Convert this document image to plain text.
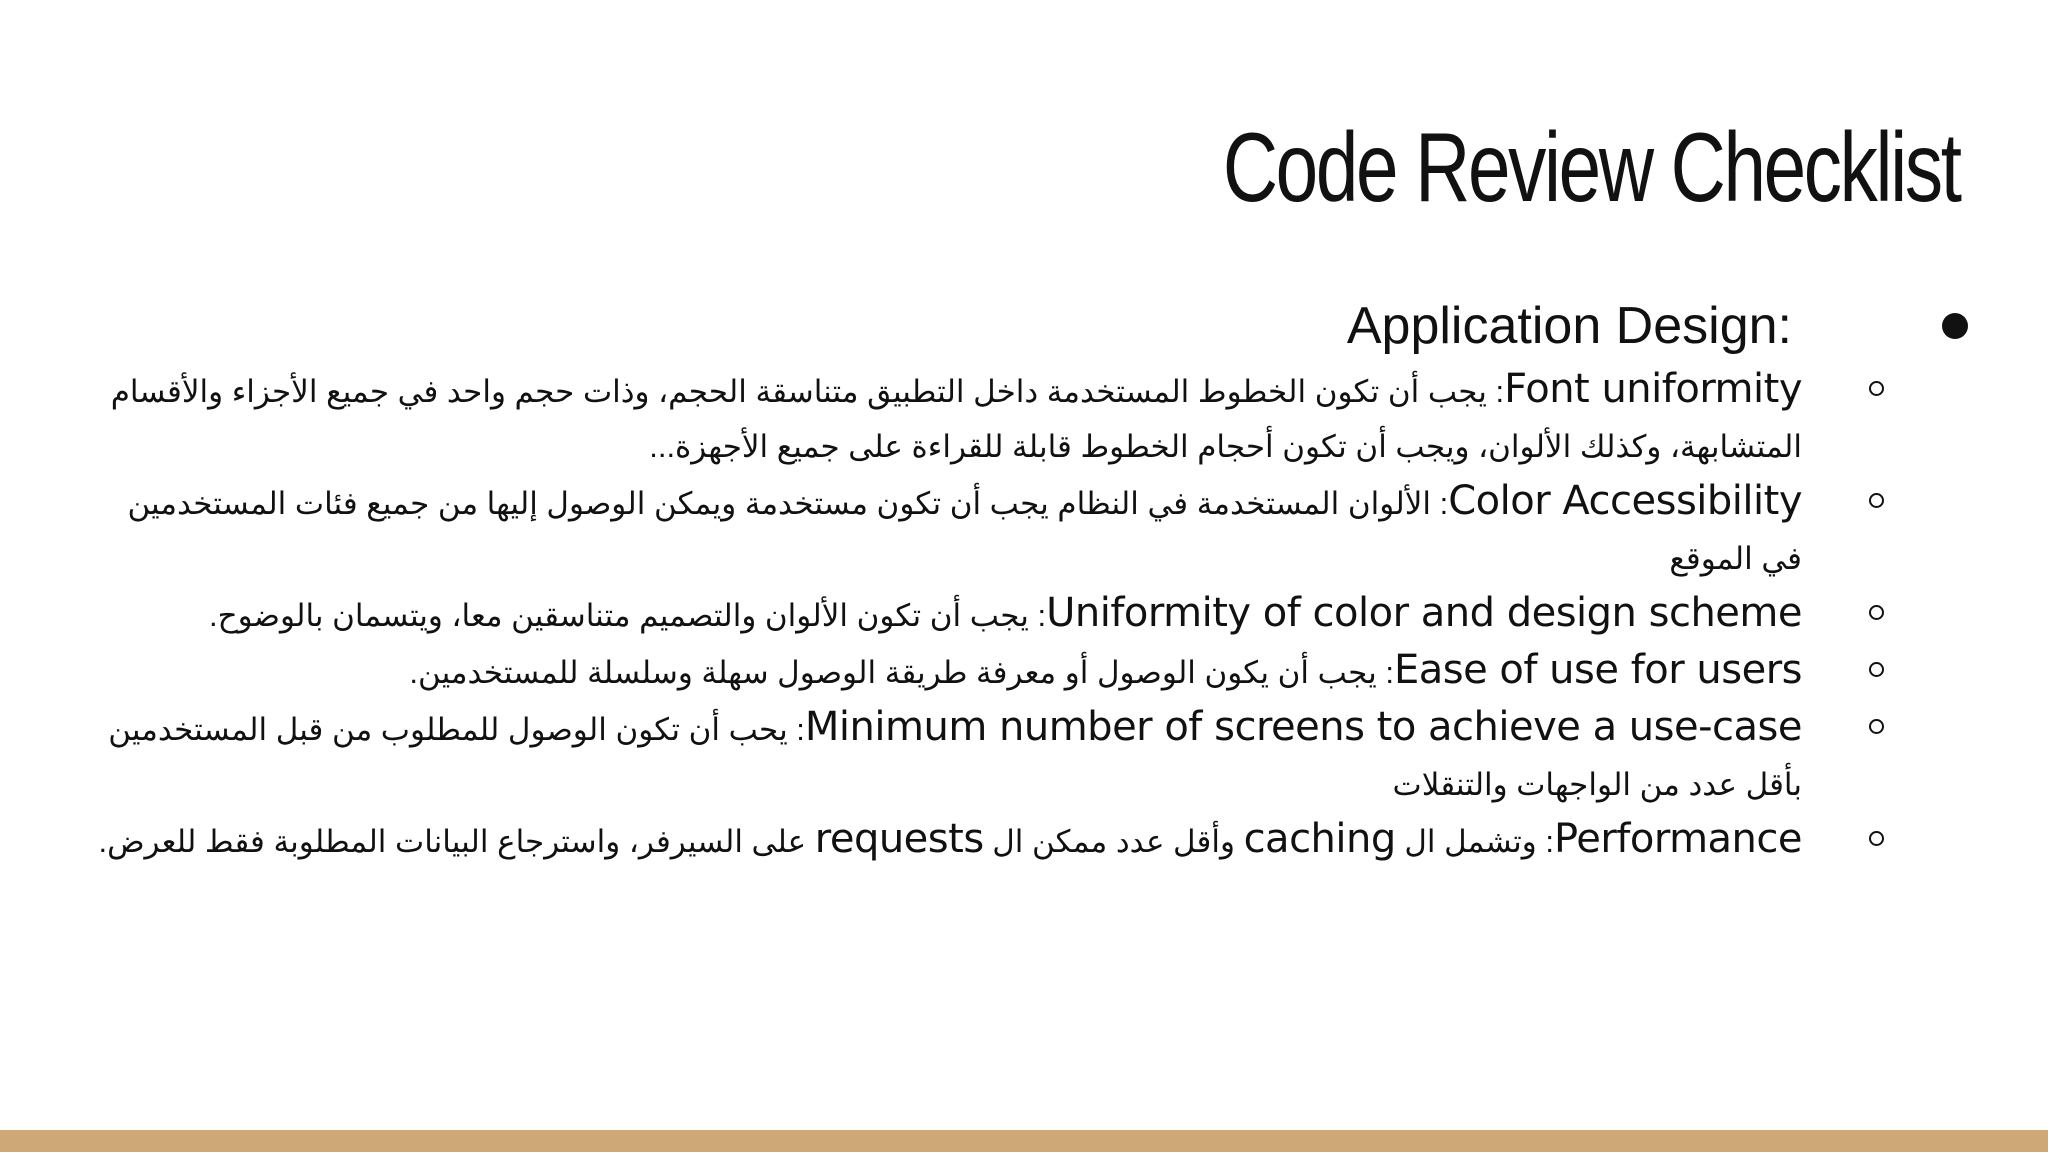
Code Review Checklist
:Application Design
Font uniformity: يجب أن تكون الخطوط المستخدمة داخل التطبيق متناسقة الحجم، وذات حجم واحد في جميع الأجزاء والأقسام المتشابهة، وكذلك الألوان، ويجب أن تكون أحجام الخطوط قابلة للقراءة على جميع الأجهزة...
Color Accessibility: الألوان المستخدمة في النظام يجب أن تكون مستخدمة ويمكن الوصول إليها من جميع فئات المستخدمين في الموقع
Uniformity of color and design scheme: يجب أن تكون الألوان والتصميم متناسقين معا، ويتسمان بالوضوح.
Ease of use for users: يجب أن يكون الوصول أو معرفة طريقة الوصول سهلة وسلسلة للمستخدمين.
Minimum number of screens to achieve a use-case: يحب أن تكون الوصول للمطلوب من قبل المستخدمين بأقل عدد من الواجهات والتنقلات
Performance: وتشمل ال caching وأقل عدد ممكن ال requests على السيرفر، واسترجاع البيانات المطلوبة فقط للعرض.
